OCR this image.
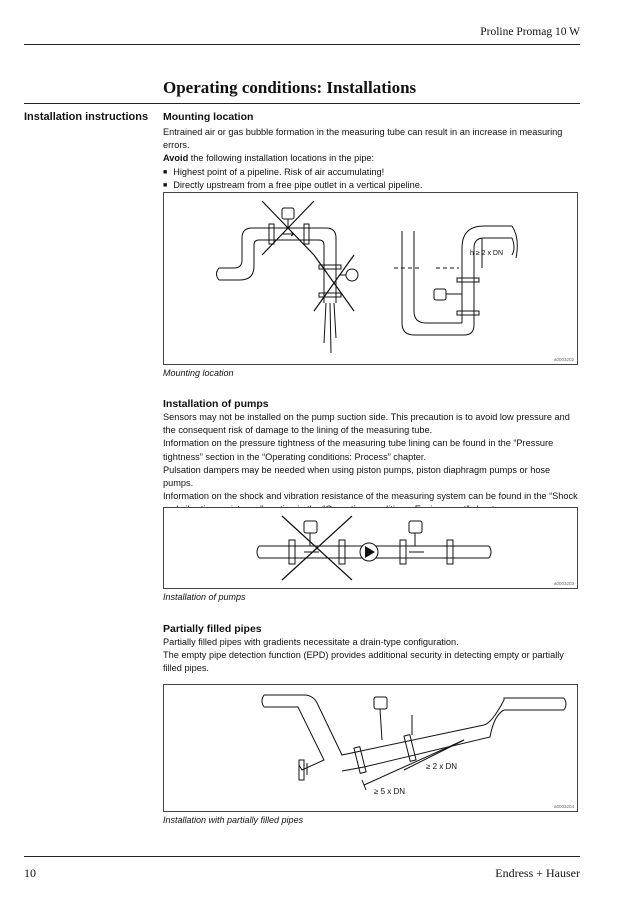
Proline Promag 10 W
Operating conditions: Installations
Installation instructions Mounting location

Entrained air or gas bubble formation in the measuring tube can result in an increase in measuring errors.

Avoid the following installation locations in the pipe:

■ Highest point of a pipeline. Risk of air accumulating!
■ Directly upstream from a free pipe outlet in a vertical pipeline.
h ≥ 2 x DN
a0003202
Mounting location
Installation of pumps

Sensors may not be installed on the pump suction side. This precaution is to avoid low pressure and the consequent risk of damage to the lining of the measuring tube.

Information on the pressure tightness of the measuring tube lining can be found in the “Pressure tightness” section in the “Operating conditions: Process” chapter.

Pulsation dampers may be needed when using piston pumps, piston diaphragm pumps or hose pumps.

Information on the shock and vibration resistance of the measuring system can be found in the “Shock

a0003203
Installation of pumps
Partially filled pipes

Partially filled pipes with gradients necessitate a drain-type configuration.

The empty pipe detection function (EPD) provides additional security in detecting empty or partially filled pipes.

≥ 2 x DN
≥ 5 x DN
a0003204
Installation with partially filled pipes
10	Endress + Hauser
